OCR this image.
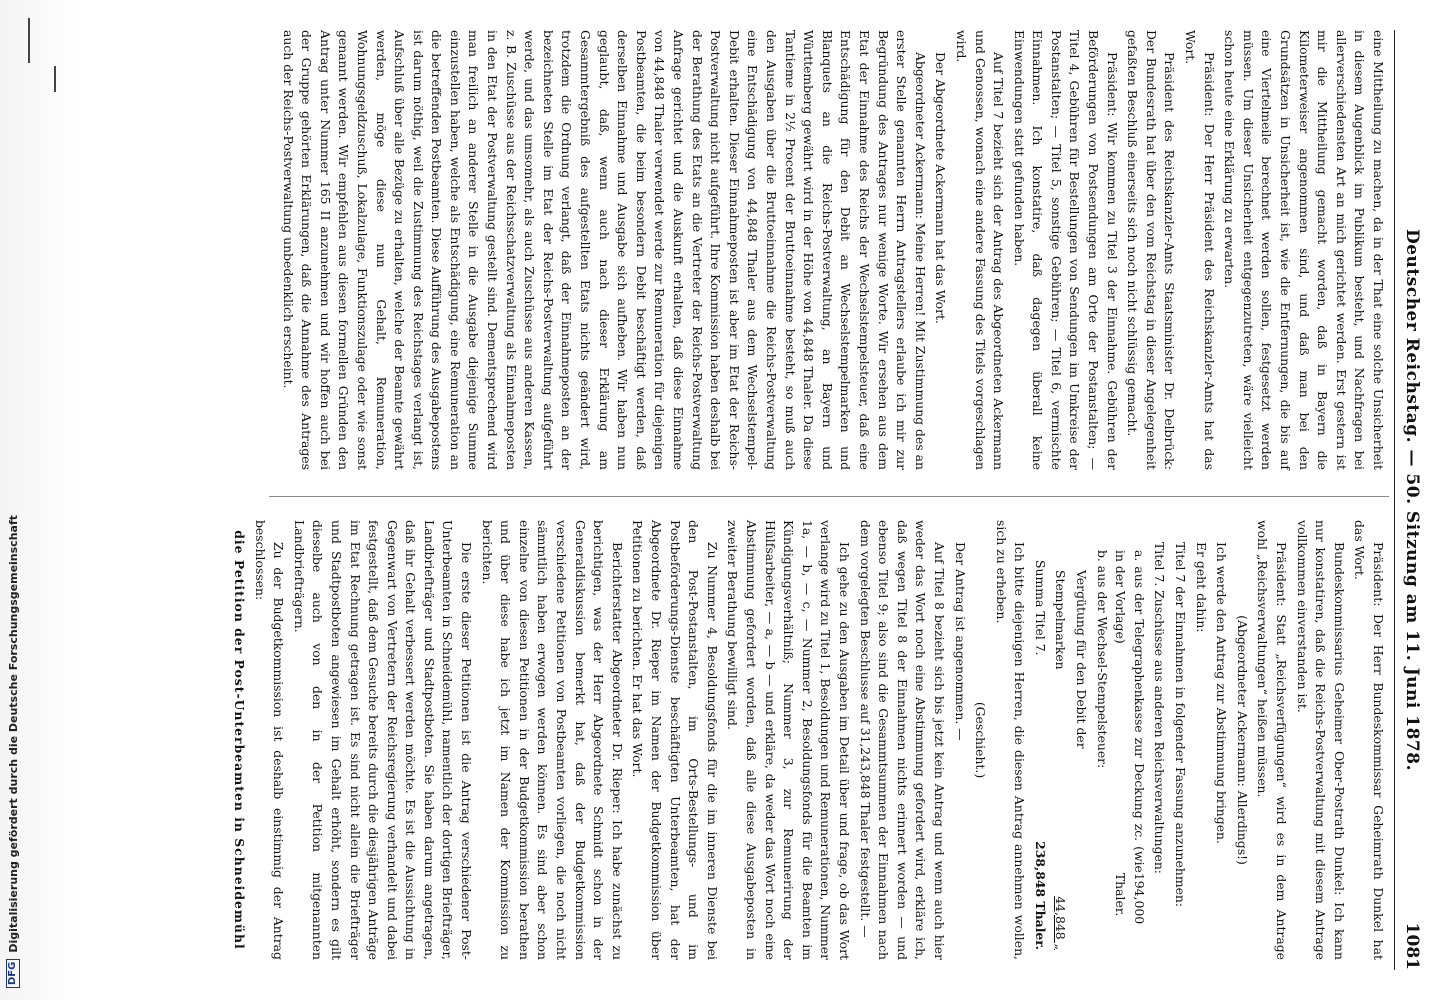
DFG
Digitalisierung gefördert durch die Deutsche Forschungsgemeinschaft	Deutscher Reichstag. — 50. Sitzung am 11. Juni 1878.
1081

eine Mittheilung zu machen, da in der That eine solche Unsicherheit in diesem Augenblick im Publikum besteht, und Nachfragen bei allerverschiedensten Art an mich gerichtet werden. Erst gestern ist mir die Mittheilung gemacht worden, daß in Bayern die Kilometerweiser angenommen sind, und daß man bei den Grundsätzen in Unsicherheit ist, wie die Entfernungen, die bis auf eine Viertelmeile berechnet werden sollen, festgesetzt werden müssen. Um dieser Unsicherheit entgegenzutreten, wäre vielleicht schon heute eine Erklärung zu erwarten.

Präsident: Der Herr Präsident des Reichskanzler-Amts hat das Wort.

Präsident des Reichskanzler-Amts Staatsminister Dr. Delbrück: Der Bundesrath hat über den vom Reichstag in dieser Angelegenheit gefaßten Beschluß einerseits sich noch nicht schlüssig gemacht.

Präsident: Wir kommen zu Titel 3 der Einnahme. Gebühren der Beförderungen von Postsendungen am Orte der Postanstalten; — Titel 4, Gebühren für Bestellungen von Sendungen im Umkreise der Postanstalten; — Titel 5, sonstige Gebühren; — Titel 6, vermischte Einnahmen. Ich konstatire, daß dagegen überall keine Einwendungen statt gefunden haben.

Auf Titel 7 bezieht sich der Antrag des Abgeordneten Ackermann und Genossen, wonach eine andere Fassung des Titels vorgeschlagen wird.

Der Abgeordnete Ackermann hat das Wort.

Abgeordneter Ackermann: Meine Herren! Mit Zustimmung des an erster Stelle genannten Herrn Antragstellers erlaube ich mir zur Begründung des Antrages nur wenige Worte. Wir ersehen aus dem Etat der Einnahme des Reichs der Wechselstempelsteuer, daß eine Entschädigung für den Debit an Wechselstempelmarken und Blanquets an die Reichs-Postverwaltung, an Bayern und Württemberg gewährt wird in der Höhe von 44,848 Thaler. Da diese Tantieme in 2½ Procent der Bruttoeinnahme besteht, so muß auch den Ausgaben über die Bruttoeinnahme die Reichs-Postverwaltung eine Entschädigung von 44,848 Thaler aus dem Wechselstempel-Debit erhalten. Dieser Einnahmeposten ist aber im Etat der Reichs-Postverwaltung nicht aufgeführt. Ihre Kommission haben deshalb bei der Berathung des Etats an die Vertreter der Reichs-Postverwaltung Anfrage gerichtet und die Auskunft erhalten, daß diese Einnahme von 44,848 Thaler verwendet werde zur Remuneration für diejenigen Postbeamten, die beim besondern Debit beschäftigt werden, daß derselben Einnahme und Ausgabe sich aufheben. Wir haben nun geglaubt, daß, wenn auch nach dieser Erklärung am Gesammtergebniß des aufgestellten Etats nichts geändert wird, trotzdem die Ordnung verlangt, daß der Einnahmeposten an der bezeichneten Stelle im Etat der Reichs-Postverwaltung aufgeführt werde, und das umsomehr, als auch Zuschüsse aus anderen Kassen, z. B. Zuschüsse aus der Reichsschatzverwaltung als Einnahmeposten in den Etat der Postverwaltung gestellt sind. Dementsprechend wird man freilich an anderer Stelle in die Ausgabe diejenige Summe einzustellen haben, welche als Entschädigung, eine Remuneration an die betreffenden Postbeamten. Diese Aufführung des Ausgabepostens ist darum nöthig, weil die Zustimmung des Reichstages verlangt ist, Aufschluß über alle Bezüge zu erhalten, welche der Beamte gewährt werden, möge diese nun Gehalt, Remuneration, Wohnungsgeldzuschuß, Lokalzulage, Funktionszulage oder wie sonst genannt werden. Wir empfehlen aus diesen formellen Gründen den Antrag unter Nummer 165 II anzunehmen und wir hoffen auch bei der Gruppe gehörten Erklärungen, daß die Annahme des Antrages auch der Reichs-Postverwaltung unbedenklich erscheint.

Präsident: Der Herr Bundeskommissar Geheimrath Dunkel hat das Wort.

Bundeskommissarius Geheimer Ober-Postrath Dunkel: Ich kann nur konstatiren, daß die Reichs-Postverwaltung mit diesem Antrage vollkommen einverstanden ist.

Präsident: Statt „Reichsverfügungen“ wird es in dem Antrage wohl „Reichsverwaltungen“ heißen müssen.

(Abgeordneter Ackermann: Allerdings!)

Ich werde den Antrag zur Abstimmung bringen.

Er geht dahin:

Titel 7 der Einnahmen in folgender Fassung anzunehmen:

Titel 7. Zuschüsse aus anderen Reichsverwaltungen:

a. aus der Telegraphenkasse zur Deckung zc. (wie in der Vorlage)
194,000 Thaler.

b. aus der Wechsel-Stempelsteuer:

Vergütung für den Debit der

Stempelmarken
44,848 „
Summa Titel 7.
238,848 Thaler.

Ich bitte diejenigen Herren, die diesen Antrag annehmen wollen, sich zu erheben.

(Geschieht.)

Der Antrag ist angenommen. —

Auf Titel 8 bezieht sich bis jetzt kein Antrag und wenn auch hier weder das Wort noch eine Abstimmung gefordert wird, erkläre ich, daß wegen Titel 8 der Einnahmen nichts erinnert worden — und ebenso Titel 9; also sind die Gesammtsummen der Einnahmen nach dem vorgelegten Beschlusse auf 31,243,848 Thaler festgestellt. —

Ich gehe zu den Ausgaben im Detail über und frage, ob das Wort verlange wird zu Titel 1, Besoldungen und Remunerationen, Nummer 1a, — b, — c, — Nummer 2, Besoldungsfonds für die Beamten im Kündigungsverhältniß; Nummer 3, zur Remunerirung der Hülfsarbeiter, — a, — b — und erkläre, da weder das Wort noch eine Abstimmung gefordert worden, daß alle diese Ausgabeposten in zweiter Berathung bewilligt sind.

Zu Nummer 4, Besoldungsfonds für die im inneren Dienste bei den Post-Postanstalten, im Orts-Bestellungs- und im Postbeförderungs-Dienste beschäftigten Unterbeamten, hat der Abgeordnete Dr. Rieper im Namen der Budgetkommission über Petitionen zu berichten. Er hat das Wort.

Berichterstatter Abgeordneter Dr. Rieper: Ich habe zunächst zu berichtigen, was der Herr Abgeordnete Schmidt schon in der Generaldiskussion bemerkt hat, daß der Budgetkommission verschiedene Petitionen von Postbeamten vorliegen, die noch nicht sämmtlich haben erwogen werden können. Es sind aber schon einzelne von diesen Petitionen in der Budgetkommission berathen und über diese habe ich jetzt im Namen der Kommission zu berichten.

Die erste dieser Petitionen ist die Antrag verschiedener Post-Unterbeamten in Schneidemühl, namentlich der dortigen Briefträger, Landbriefträger und Stadtpostboten. Sie haben darum angetragen, daß ihr Gehalt verbessert werden möchte. Es ist die Aussichtung in Gegenwart von Vertretern der Reichsregierung verhandelt und dabei festgestellt, daß dem Gesuche bereits durch die diesjährigen Anträge im Etat Rechnung getragen ist. Es sind nicht allein die Briefträger und Stadtpostboten angewiesen im Gehalt erhöht, sondern es gilt dieselbe auch von den in der Petition mitgenannten Landbriefträgern.

Zu der Budgetkommission ist deshalb einstimmig der Antrag beschlossen:

die Petition der Post-Unterbeamten in Schneidemühl
